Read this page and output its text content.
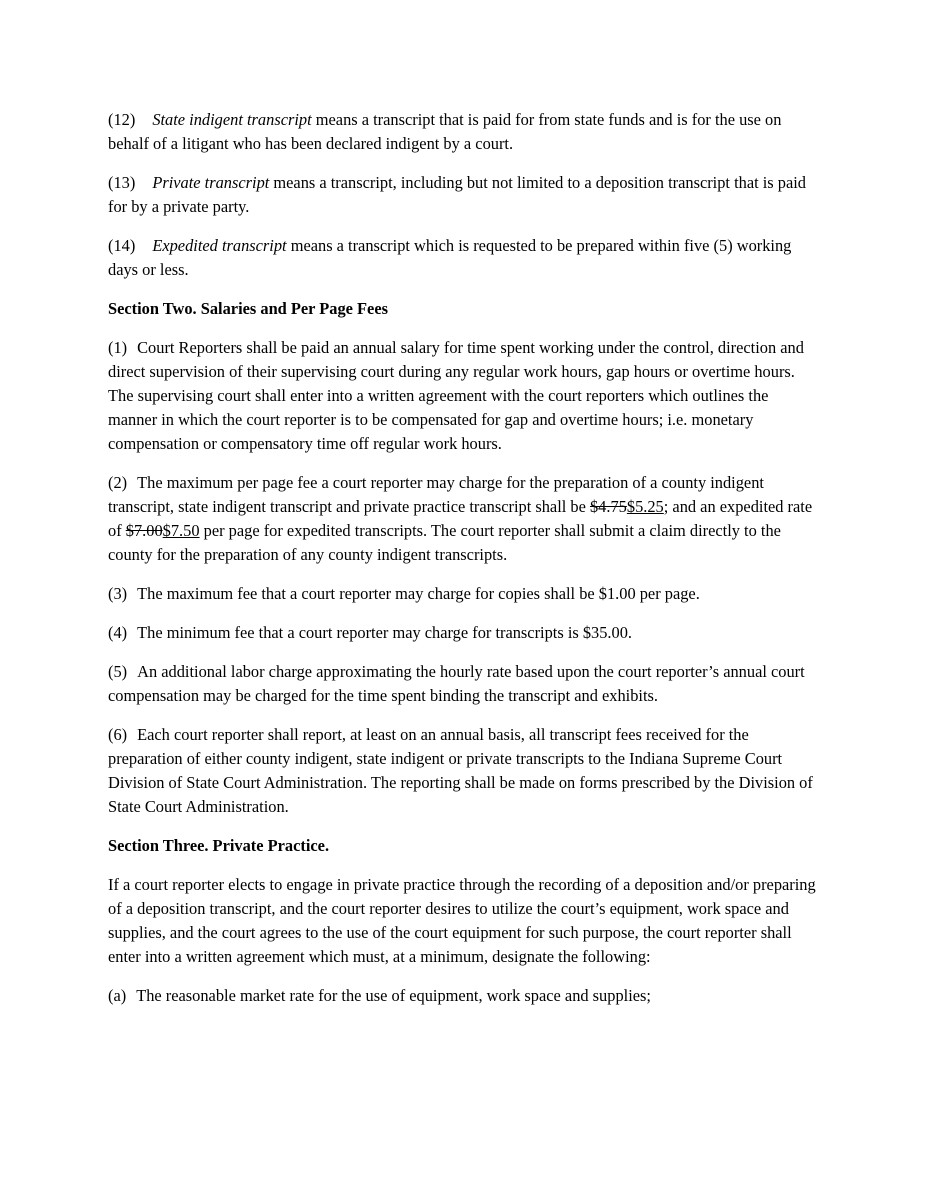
(12) State indigent transcript means a transcript that is paid for from state funds and is for the use on behalf of a litigant who has been declared indigent by a court.

(13) Private transcript means a transcript, including but not limited to a deposition transcript that is paid for by a private party.

(14) Expedited transcript means a transcript which is requested to be prepared within five (5) working days or less.

Section Two. Salaries and Per Page Fees

(1) Court Reporters shall be paid an annual salary for time spent working under the control, direction and direct supervision of their supervising court during any regular work hours, gap hours or overtime hours. The supervising court shall enter into a written agreement with the court reporters which outlines the manner in which the court reporter is to be compensated for gap and overtime hours; i.e. monetary compensation or compensatory time off regular work hours.

(2) The maximum per page fee a court reporter may charge for the preparation of a county indigent transcript, state indigent transcript and private practice transcript shall be $4.75$5.25; and an expedited rate of $7.00$7.50 per page for expedited transcripts. The court reporter shall submit a claim directly to the county for the preparation of any county indigent transcripts.

(3) The maximum fee that a court reporter may charge for copies shall be $1.00 per page.

(4) The minimum fee that a court reporter may charge for transcripts is $35.00.

(5) An additional labor charge approximating the hourly rate based upon the court reporter’s annual court compensation may be charged for the time spent binding the transcript and exhibits.

(6) Each court reporter shall report, at least on an annual basis, all transcript fees received for the preparation of either county indigent, state indigent or private transcripts to the Indiana Supreme Court Division of State Court Administration. The reporting shall be made on forms prescribed by the Division of State Court Administration.

Section Three. Private Practice.

If a court reporter elects to engage in private practice through the recording of a deposition and/or preparing of a deposition transcript, and the court reporter desires to utilize the court’s equipment, work space and supplies, and the court agrees to the use of the court equipment for such purpose, the court reporter shall enter into a written agreement which must, at a minimum, designate the following:

(a) The reasonable market rate for the use of equipment, work space and supplies;
